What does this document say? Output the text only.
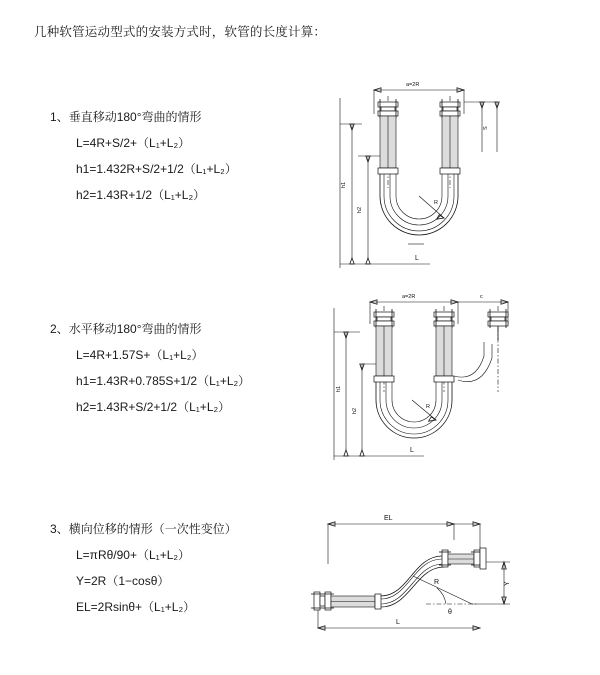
几种软管运动型式的安装方式时，软管的长度计算：
1、垂直移动180°弯曲的情形
L=4R+S/2+（L₁+L₂）
h1=1.432R+S/2+1/2（L₁+L₂）
h2=1.43R+1/2（L₁+L₂）
a=2R
S
h1
h2
R
L
2、水平移动180°弯曲的情形
L=4R+1.57S+（L₁+L₂）
h1=1.43R+0.785S+1/2（L₁+L₂）
h2=1.43R+S/2+1/2（L₁+L₂）
a=2R	c
h1
h2
R
L
3、横向位移的情形（一次性变位）
L=πRθ/90+（L₁+L₂）
Y=2R（1−cosθ）
EL=2Rsinθ+（L₁+L₂）
EL
L
Y
R
θ
